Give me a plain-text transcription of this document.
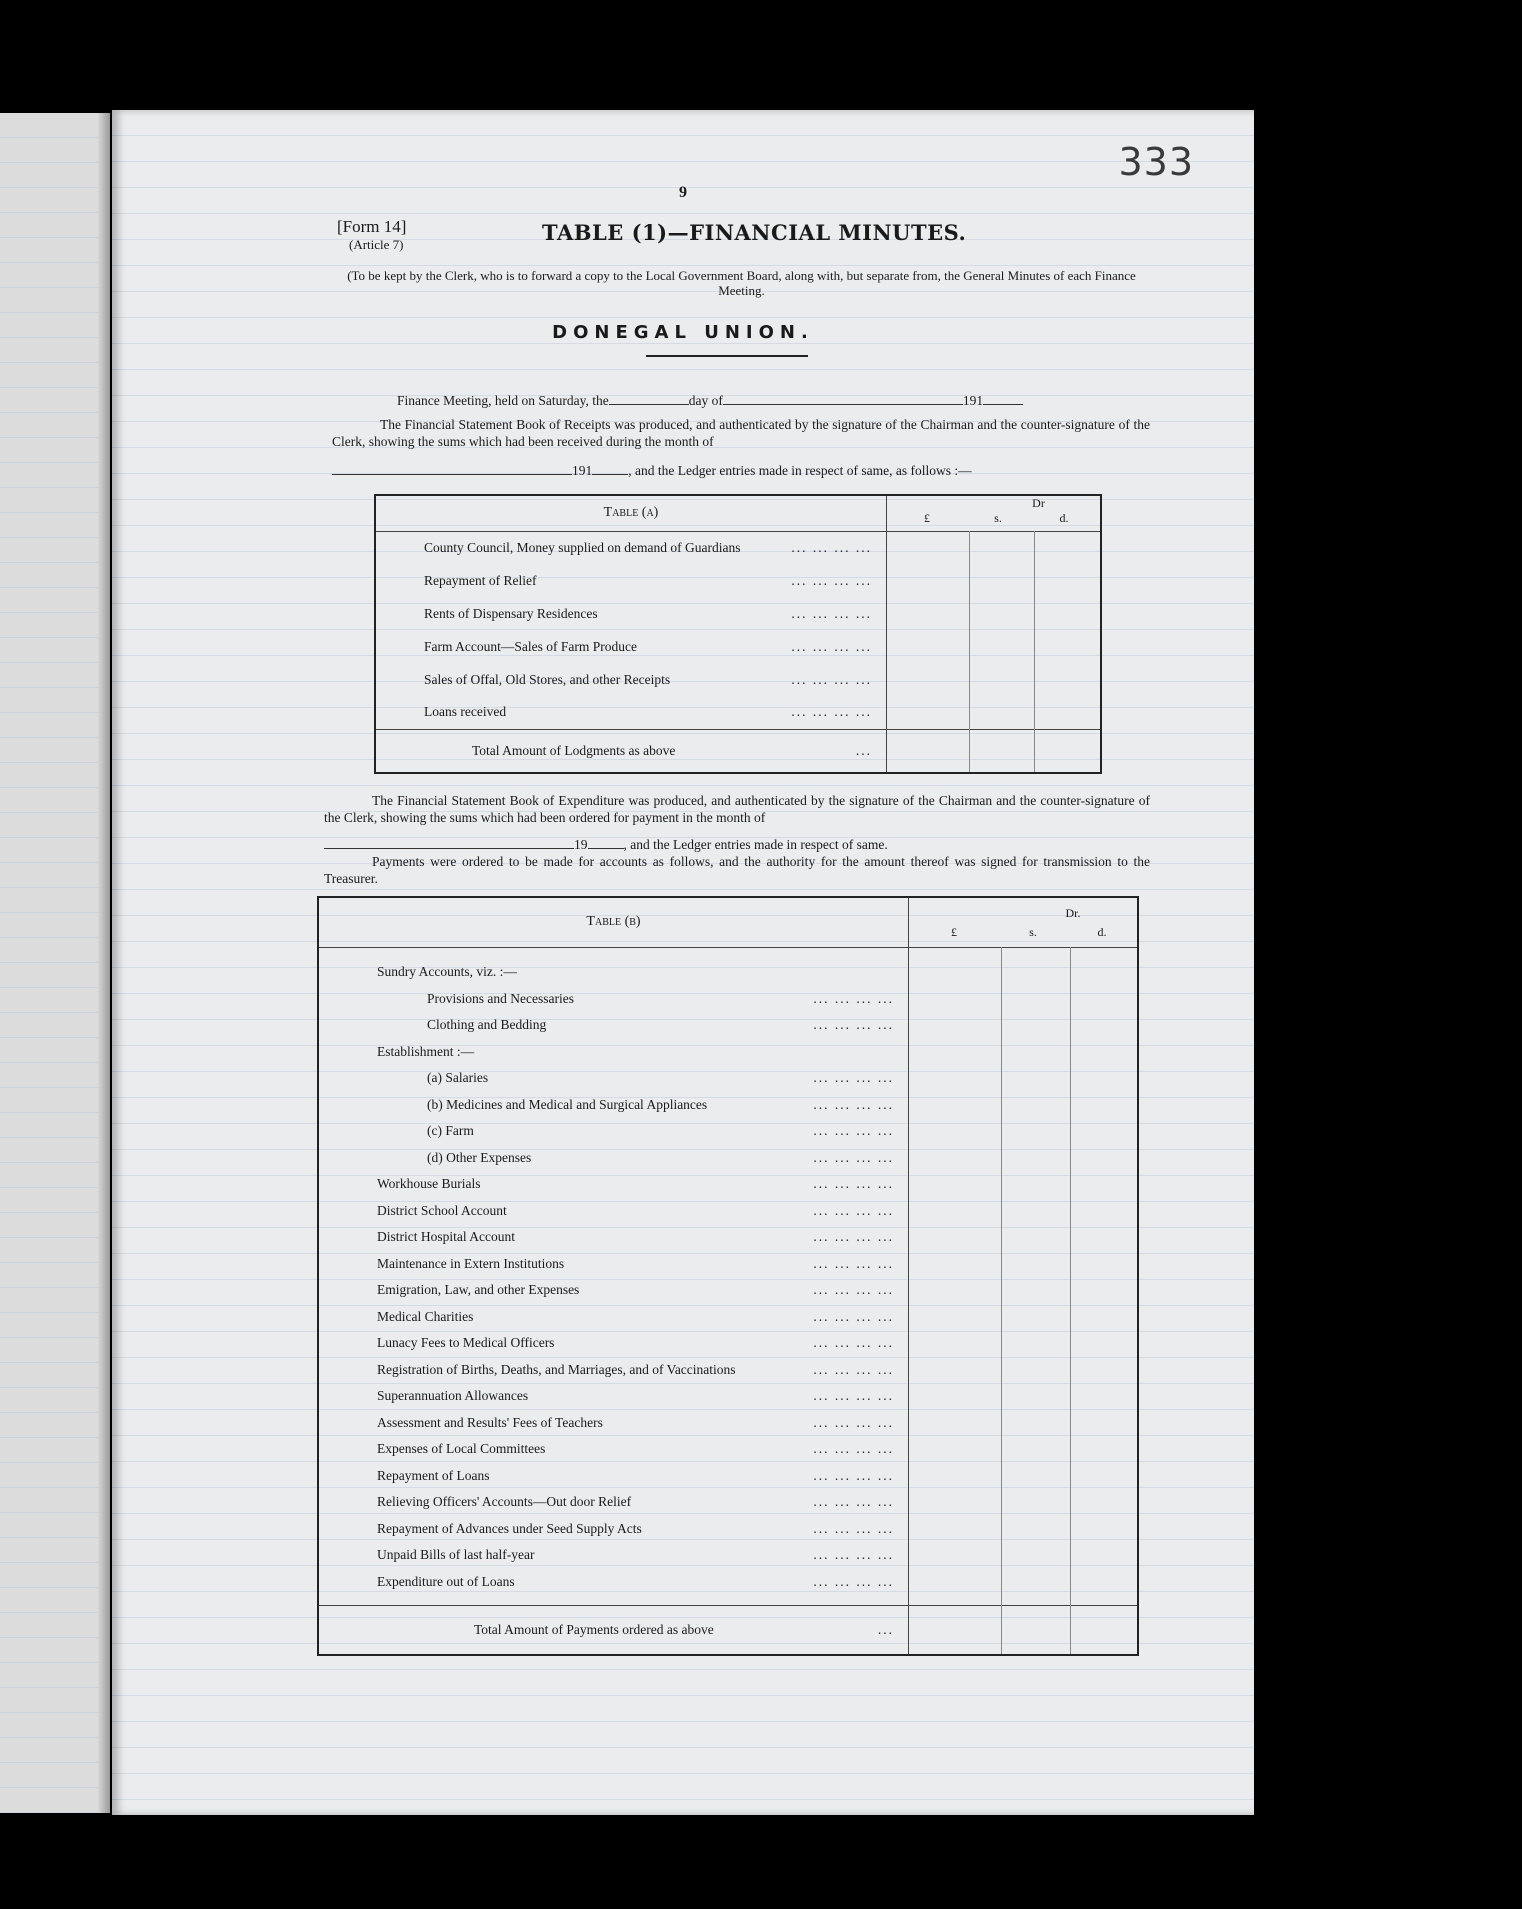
333
9
[Form 14]
(Article 7)	TABLE (1)—FINANCIAL MINUTES.
(To be kept by the Clerk, who is to forward a copy to the Local Government Board, along with, but separate from, the General Minutes of each Finance Meeting.
DONEGAL UNION.
Finance Meeting, held on Saturday, the	day of	191
The Financial Statement Book of Receipts was produced, and authenticated by the signature of the Chairman and the counter-signature of the Clerk, showing the sums which had been received during the month of
191	, and the Ledger entries made in respect of same, as follows :—
Table (a)	Dr
£ s. d.		

County Council, Money supplied on demand of Guardians ... ... ... ...			

Repayment of Relief ... ... ... ...			

Rents of Dispensary Residences ... ... ... ...			

Farm Account—Sales of Farm Produce ... ... ... ...			

Sales of Offal, Old Stores, and other Receipts ... ... ... ...			

Loans received ... ... ... ...			

Total Amount of Lodgments as above ...			

The Financial Statement Book of Expenditure was produced, and authenticated by the signature of the Chairman and the counter-signature of the Clerk, showing the sums which had been ordered for payment in the month of
19	, and the Ledger entries made in respect of same.
Payments were ordered to be made for accounts as follows, and the authority for the amount thereof was signed for transmission to the Treasurer.
Table (b)	Dr.
£ s. d.		

Sundry Accounts, viz. :—			
Provisions and Necessaries ... ... ... ...			

Clothing and Bedding ... ... ... ...			

Establishment :—			
(a) Salaries ... ... ... ...			

(b) Medicines and Medical and Surgical Appliances ... ... ... ...			

(c) Farm ... ... ... ...			

(d) Other Expenses ... ... ... ...			

Workhouse Burials ... ... ... ...			

District School Account ... ... ... ...			

District Hospital Account ... ... ... ...			

Maintenance in Extern Institutions ... ... ... ...			

Emigration, Law, and other Expenses ... ... ... ...			

Medical Charities ... ... ... ...			

Lunacy Fees to Medical Officers ... ... ... ...			

Registration of Births, Deaths, and Marriages, and of Vaccinations ... ... ... ...			

Superannuation Allowances ... ... ... ...			

Assessment and Results' Fees of Teachers ... ... ... ...			

Expenses of Local Committees ... ... ... ...			

Repayment of Loans ... ... ... ...			

Relieving Officers' Accounts—Out door Relief ... ... ... ...			

Repayment of Advances under Seed Supply Acts ... ... ... ...			

Unpaid Bills of last half-year ... ... ... ...			

Expenditure out of Loans ... ... ... ...			

Total Amount of Payments ordered as above ...			
